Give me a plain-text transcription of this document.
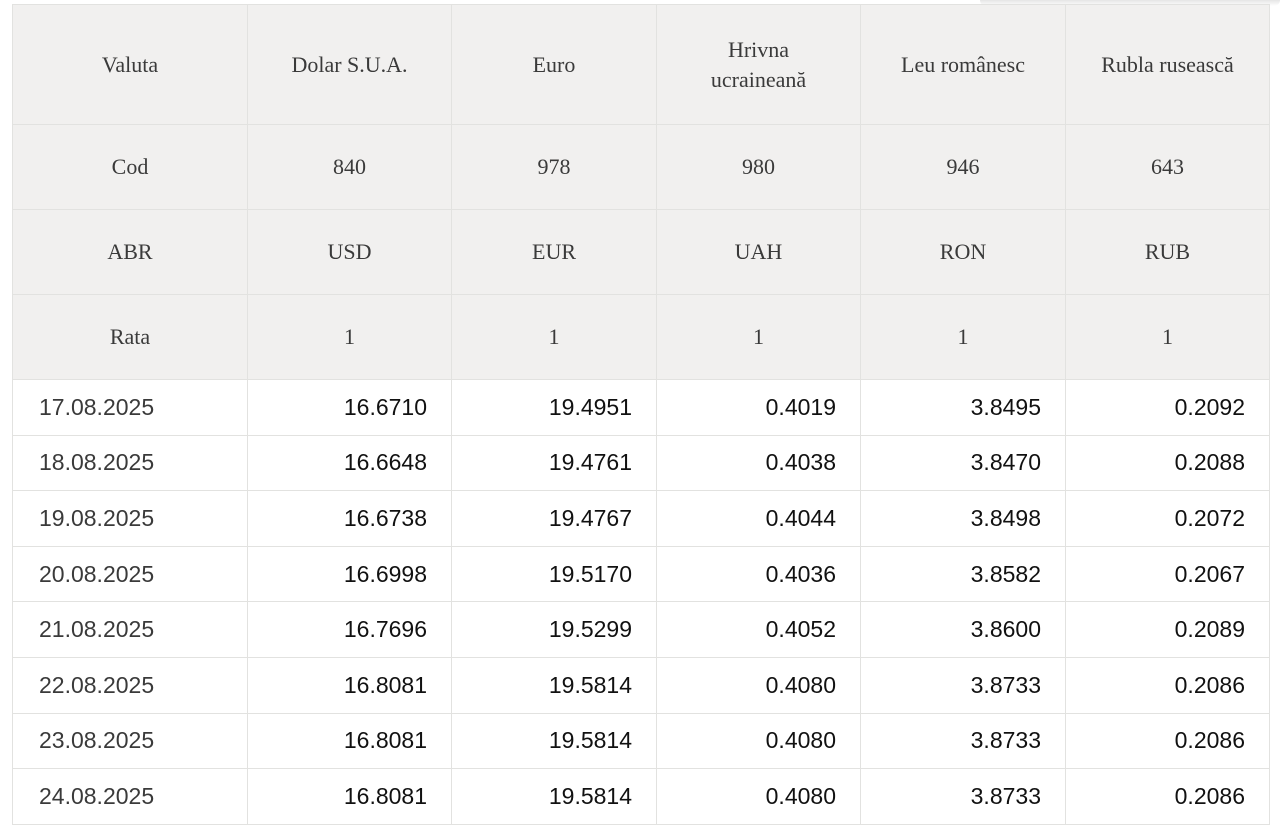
Valuta	Dolar S.U.A.	Euro	Hrivna ucraineană	Leu românesc	Rubla rusească
Cod	840	978	980	946	643
ABR	USD	EUR	UAH	RON	RUB
Rata	1	1	1	1	1
17.08.2025	16.6710	19.4951	0.4019	3.8495	0.2092
18.08.2025	16.6648	19.4761	0.4038	3.8470	0.2088
19.08.2025	16.6738	19.4767	0.4044	3.8498	0.2072
20.08.2025	16.6998	19.5170	0.4036	3.8582	0.2067
21.08.2025	16.7696	19.5299	0.4052	3.8600	0.2089
22.08.2025	16.8081	19.5814	0.4080	3.8733	0.2086
23.08.2025	16.8081	19.5814	0.4080	3.8733	0.2086
24.08.2025	16.8081	19.5814	0.4080	3.8733	0.2086
